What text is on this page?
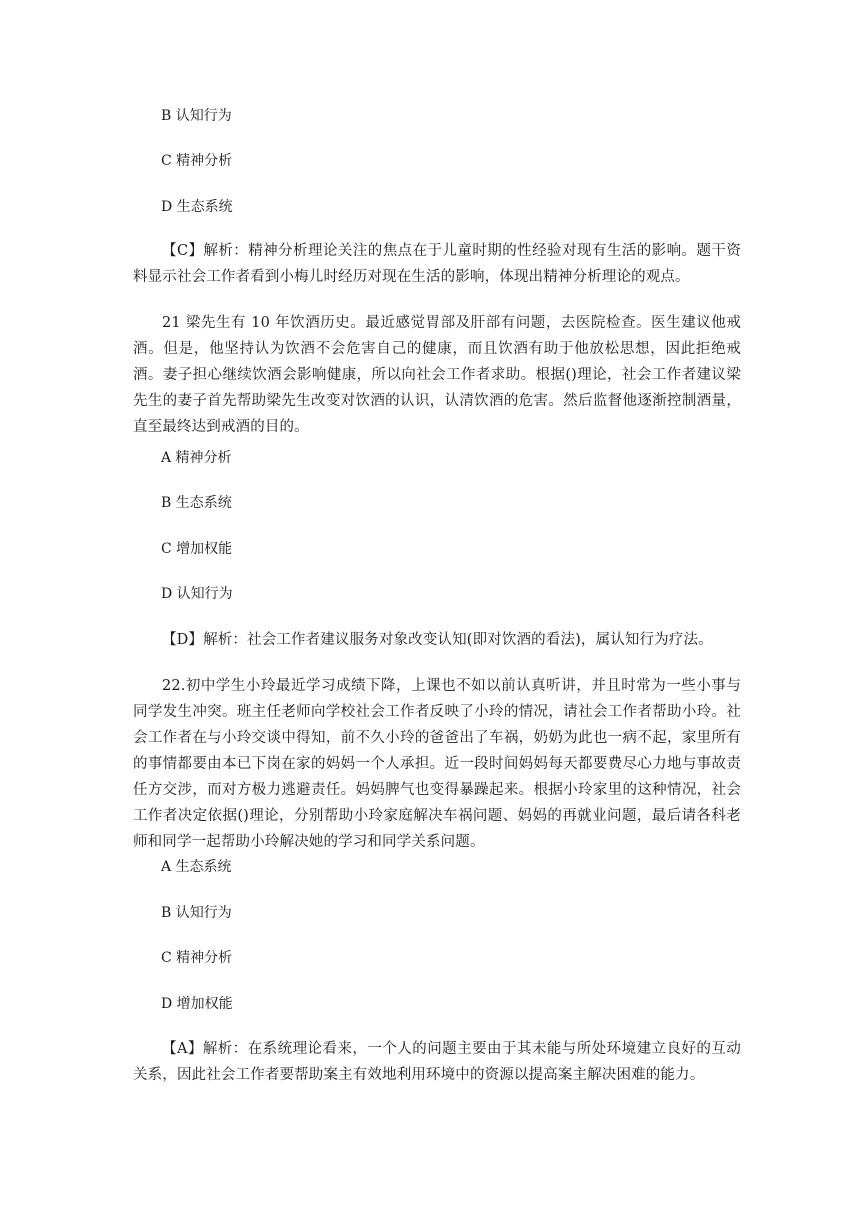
B 认知行为
C 精神分析
D 生态系统

【C】解析：精神分析理论关注的焦点在于儿童时期的性经验对现有生活的影响。题干资料显示社会工作者看到小梅儿时经历对现在生活的影响，体现出精神分析理论的观点。

21 梁先生有 10 年饮酒历史。最近感觉胃部及肝部有问题，去医院检查。医生建议他戒酒。但是，他坚持认为饮酒不会危害自己的健康，而且饮酒有助于他放松思想，因此拒绝戒酒。妻子担心继续饮酒会影响健康，所以向社会工作者求助。根据()理论，社会工作者建议梁先生的妻子首先帮助梁先生改变对饮酒的认识，认清饮酒的危害。然后监督他逐渐控制酒量，直至最终达到戒酒的目的。

A 精神分析
B 生态系统
C 增加权能
D 认知行为

【D】解析：社会工作者建议服务对象改变认知(即对饮酒的看法)，属认知行为疗法。

22.初中学生小玲最近学习成绩下降，上课也不如以前认真听讲，并且时常为一些小事与同学发生冲突。班主任老师向学校社会工作者反映了小玲的情况，请社会工作者帮助小玲。社会工作者在与小玲交谈中得知，前不久小玲的爸爸出了车祸，奶奶为此也一病不起，家里所有的事情都要由本已下岗在家的妈妈一个人承担。近一段时间妈妈每天都要费尽心力地与事故责任方交涉，而对方极力逃避责任。妈妈脾气也变得暴躁起来。根据小玲家里的这种情况，社会工作者决定依据()理论，分别帮助小玲家庭解决车祸问题、妈妈的再就业问题，最后请各科老师和同学一起帮助小玲解决她的学习和同学关系问题。

A 生态系统
B 认知行为
C 精神分析
D 增加权能

【A】解析：在系统理论看来，一个人的问题主要由于其未能与所处环境建立良好的互动关系，因此社会工作者要帮助案主有效地利用环境中的资源以提高案主解决困难的能力。
